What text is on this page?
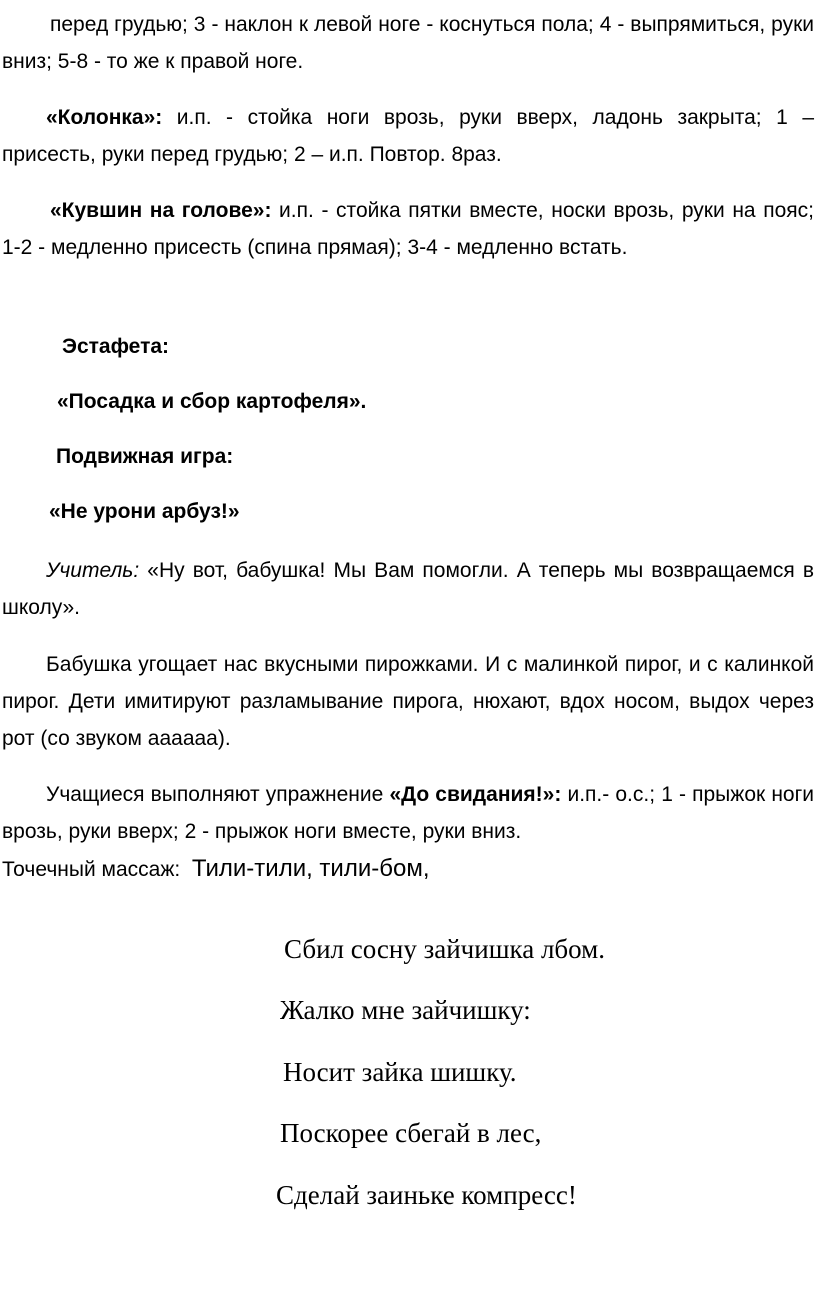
перед грудью; 3 - наклон к левой ноге - коснуться пола; 4 - выпрямиться, руки вниз; 5-8 - то же к правой ноге.

«Колонка»: и.п. - стойка ноги врозь, руки вверх, ладонь закрыта; 1 – присесть, руки перед грудью; 2 – и.п. Повтор. 8раз.

«Кувшин на голове»: и.п. - стойка пятки вместе, носки врозь, руки на пояс; 1-2 - медленно присесть (спина прямая); 3-4 - медленно встать.

Эстафета:

«Посадка и сбор картофеля».

Подвижная игра:

«Не урони арбуз!»

Учитель: «Ну вот, бабушка! Мы Вам помогли. А теперь мы возвращаемся в школу».

Бабушка угощает нас вкусными пирожками. И с малинкой пирог, и с калинкой пирог. Дети имитируют разламывание пирога, нюхают, вдох носом, выдох через рот (со звуком аааааа).

Учащиеся выполняют упражнение «До свидания!»: и.п.- о.с.; 1 - прыжок ноги врозь, руки вверх; 2 - прыжок ноги вместе, руки вниз.
Точечный массаж: Тили-тили, тили-бом,

Сбил сосну зайчишка лбом.

Жалко мне зайчишку:

Носит зайка шишку.

Поскорее сбегай в лес,

Сделай заиньке компресс!
